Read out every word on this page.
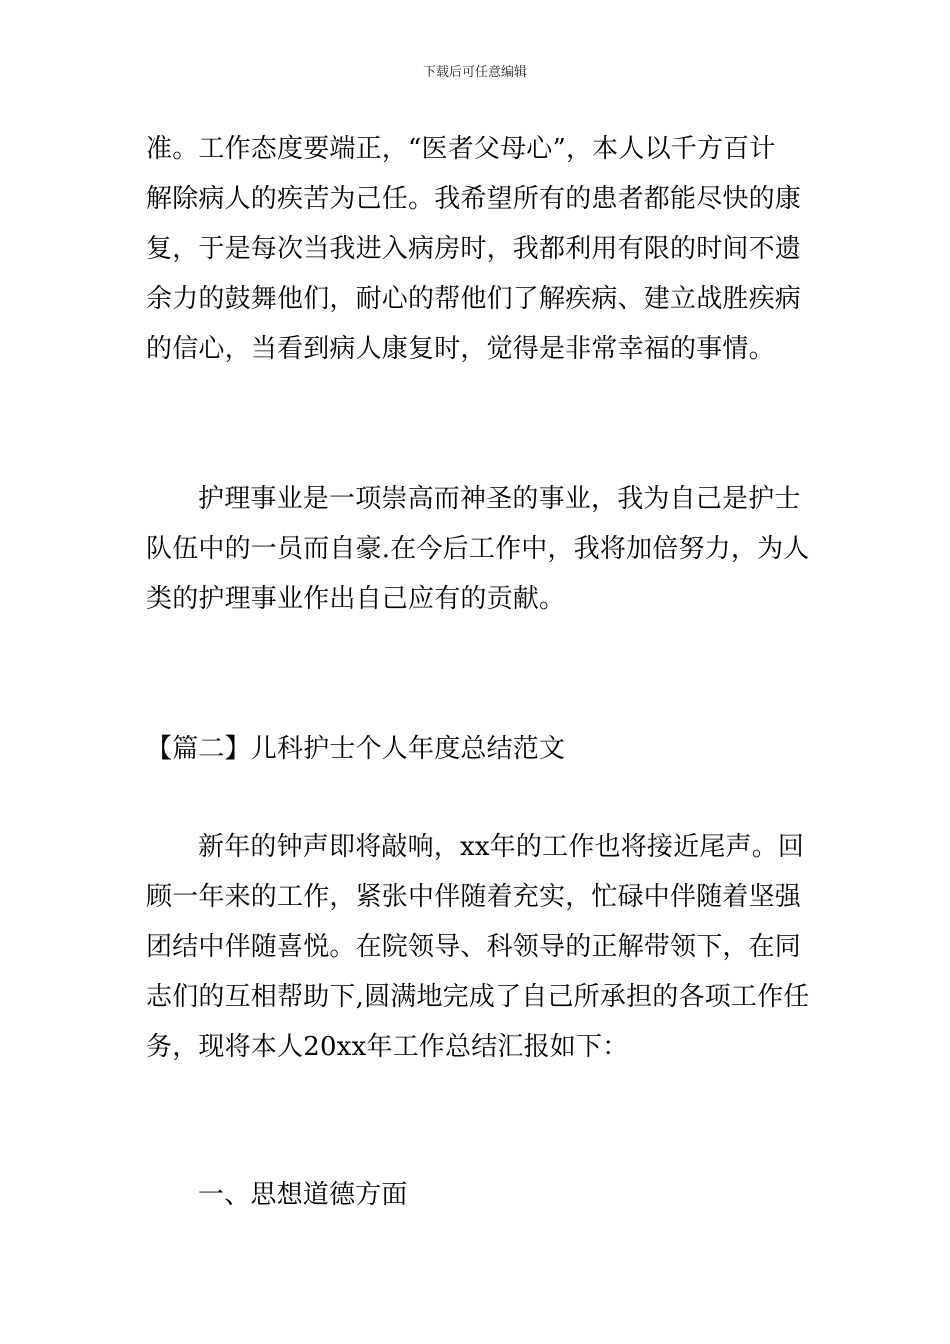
下载后可任意编辑
准。工作态度要端正，“医者父母心”，本人以千方百计
解除病人的疾苦为己任。我希望所有的患者都能尽快的康
复，于是每次当我进入病房时，我都利用有限的时间不遗
余力的鼓舞他们，耐心的帮他们了解疾病、建立战胜疾病
的信心，当看到病人康复时，觉得是非常幸福的事情。
护理事业是一项崇高而神圣的事业，我为自己是护士
队伍中的一员而自豪.在今后工作中，我将加倍努力，为人
类的护理事业作出自己应有的贡献。
【篇二】儿科护士个人年度总结范文
新年的钟声即将敲响，xx年的工作也将接近尾声。回
顾一年来的工作，紧张中伴随着充实，忙碌中伴随着坚强
团结中伴随喜悦。在院领导、科领导的正解带领下，在同
志们的互相帮助下,圆满地完成了自己所承担的各项工作任
务，现将本人20xx年工作总结汇报如下：
一、思想道德方面
